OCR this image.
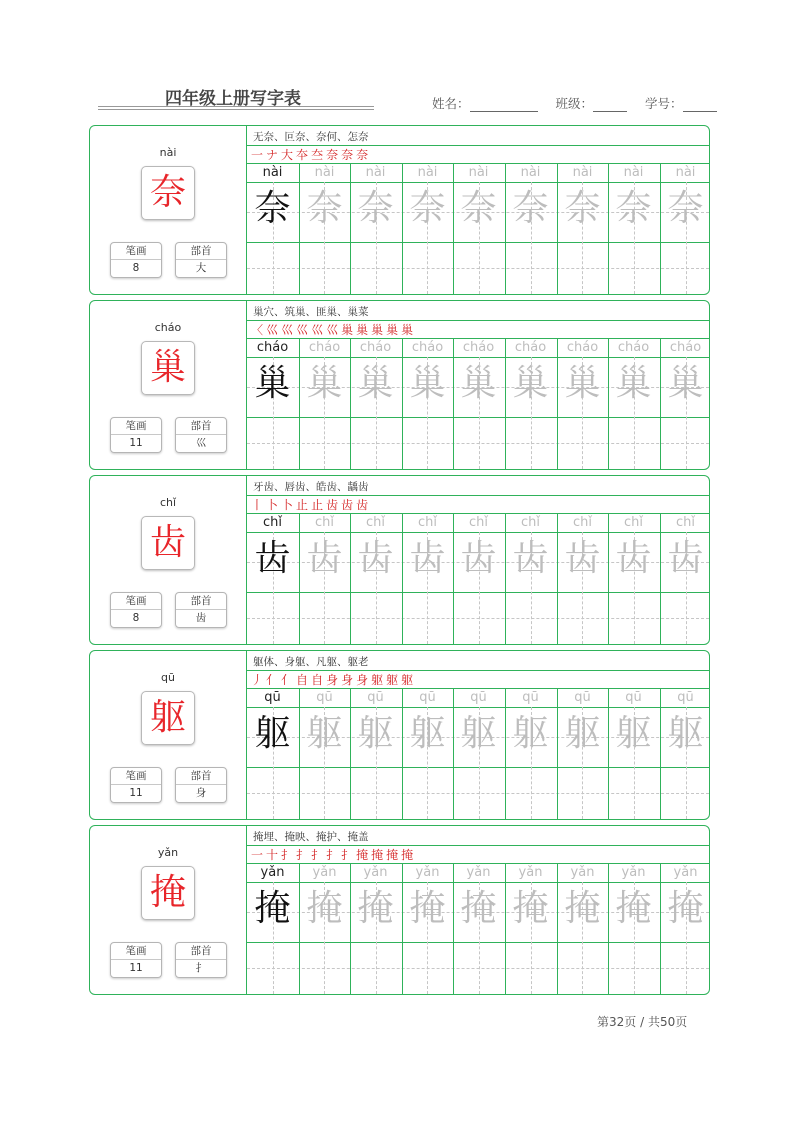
四年级上册写字表	姓名：	班级：	学号：
nài
奈
笔画
8
部首
大
无奈、叵奈、奈何、怎奈
一 ナ 大 夲 夳 奈 奈 奈
nài
奈
nài
奈
nài
奈
nài
奈
nài
奈
nài
奈
nài
奈
nài
奈
nài
奈
cháo
巢
笔画
11
部首
巛
巢穴、筑巢、匪巢、巢菜
〈 巛 巛 巛 巛 巛 巢 巢 巢 巢 巢
cháo
巢
cháo
巢
cháo
巢
cháo
巢
cháo
巢
cháo
巢
cháo
巢
cháo
巢
cháo
巢
chǐ
齿
笔画
8
部首
齿
牙齿、唇齿、皓齿、龋齿
丨 卜 卜 止 止 齿 齿 齿
chǐ
齿
chǐ
齿
chǐ
齿
chǐ
齿
chǐ
齿
chǐ
齿
chǐ
齿
chǐ
齿
chǐ
齿
qū
躯
笔画
11
部首
身
躯体、身躯、凡躯、躯老
丿 亻 亻 自 自 身 身 身 躯 躯 躯
qū
躯
qū
躯
qū
躯
qū
躯
qū
躯
qū
躯
qū
躯
qū
躯
qū
躯
yǎn
掩
笔画
11
部首
扌
掩埋、掩映、掩护、掩盖
一 十 扌 扌 扌 扌 扌 掩 掩 掩 掩
yǎn
掩
yǎn
掩
yǎn
掩
yǎn
掩
yǎn
掩
yǎn
掩
yǎn
掩
yǎn
掩
yǎn
掩
第32页 / 共50页
